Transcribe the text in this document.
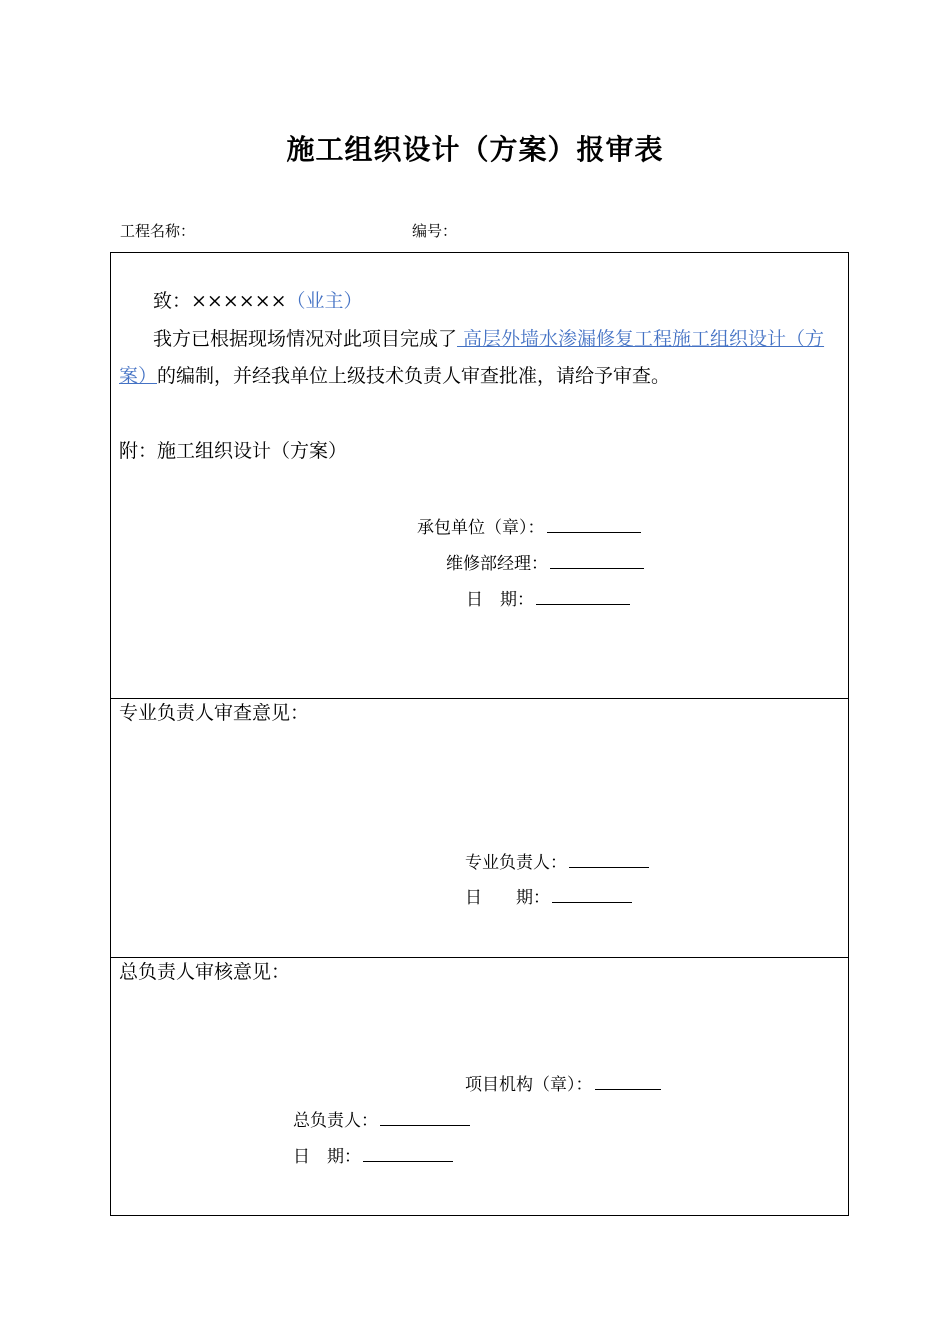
施工组织设计（方案）报审表
工程名称：	编号：
致：××××××（业主）
我方已根据现场情况对此项目完成了 高层外墙水渗漏修复工程施工组织设计（方案）的编制，并经我单位上级技术负责人审查批准，请给予审查。
附：施工组织设计（方案）
承包单位（章）：
维修部经理：
日　期：
专业负责人审查意见：
专业负责人：
日　　期：
总负责人审核意见：
项目机构（章）：
总负责人：
日　期：
